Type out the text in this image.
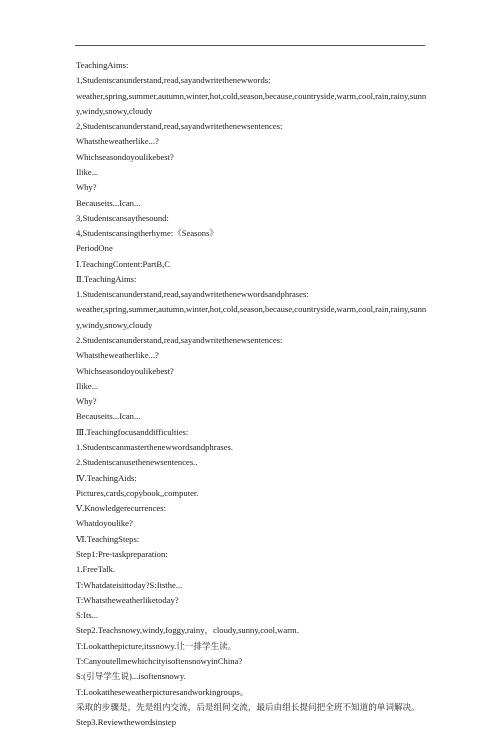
TeachingAims:
1,Studentscanunderstand,read,sayandwritethenewwords:
weather,spring,summer,autumn,winter,hot,cold,season,because,countryside,warm,cool,rain,rainy,sunny,windy,snowy,cloudy
2,Studentscanunderstand,read,sayandwritethenewsentences:
Whatstheweatherlike...?
Whichseasondoyoulikebest?
Ilike...
Why?
Becauseits...Ican...
3,Studentscansaythesound:
4,Studentscansingtherhyme:《Seasons》
PeriodOne
Ⅰ.TeachingContent:PartB,C
Ⅱ.TeachingAims:
1.Studentscanunderstand,read,sayandwritethenewwordsandphrases:
weather,spring,summer,autumn,winter,hot,cold,season,because,countryside,warm,cool,rain,rainy,sunny,windy,snowy,cloudy
2.Studentscanunderstand,read,sayandwritethenewsentences:
Whatstheweatherlike...?
Whichseasondoyoulikebest?
Ilike...
Why?
Becauseits...Ican...
Ⅲ.Teachingfocusanddifficulties:
1.Studentscanmasterthenewwordsandphrases.
2.Studentscanusethenewsentences..
Ⅳ.TeachingAids:
Pictures,cards,copybook,,computer.
Ⅴ.Knowledgerecurrences:
Whatdoyoulike?
Ⅵ.TeachingSteps:
Step1:Pre-taskpreparation:
1.FreeTalk.
T:Whatdateisittoday?S:Itsthe...
T:Whatstheweatherliketoday?
S:Its...
Step2.Teachsnowy,windy,foggy,rainy，cloudy,sunny,cool,warm.
T:Lookatthepicture,itssnowy.让一排学生读。
T:CanyoutellmewhichcityisoftensnowyinChina?
S:(引导学生说)...isoftensnowy.
T:Lookattheseweatherpicturesandworkingroups。
采取的步骤是，先是组内交流，后是组间交流，最后由组长提问把全班不知道的单词解决。
Step3.Reviewthewordsinstep
